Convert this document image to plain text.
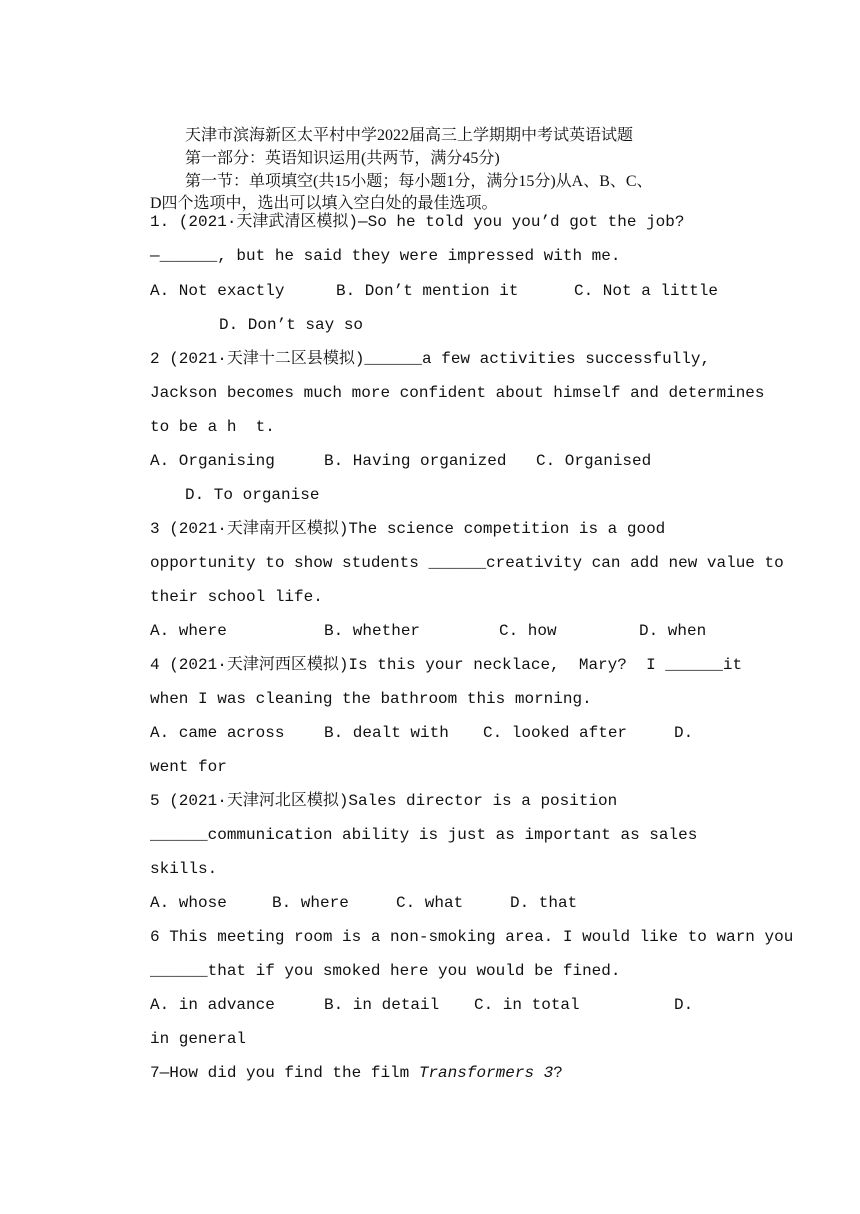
天津市滨海新区太平村中学2022届高三上学期期中考试英语试题
第一部分：英语知识运用(共两节，满分45分)
第一节：单项填空(共15小题；每小题1分，满分15分)从A、B、C、
D四个选项中，选出可以填入空白处的最佳选项。
1. (2021·天津武清区模拟)—So he told you you’d got the job?
—______, but he said they were impressed with me.
A. Not exactly	B. Don’t mention it	C. Not a little
D. Don’t say so
2 (2021·天津十二区县模拟)______a few activities successfully,
Jackson becomes much more confident about himself and determines
to be a h  t.
A. Organising	B. Having organized C. Organised
D. To organise
3 (2021·天津南开区模拟)The science competition is a good
opportunity to show students ______creativity can add new value to
their school life.
A. where	B. whether	C. how	D. when
4 (2021·天津河西区模拟)Is this your necklace,  Mary?  I ______it
when I was cleaning the bathroom this morning.
A. came across B. dealt with C. looked after	D.
went for
5 (2021·天津河北区模拟)Sales director is a position
______communication ability is just as important as sales
skills.
A. whose	B. where	C. what	D. that
6 This meeting room is a non-smoking area. I would like to warn you
______that if you smoked here you would be fined.
A. in advance	B. in detail C. in total	D.
in general
7—How did you find the film Transformers 3?
